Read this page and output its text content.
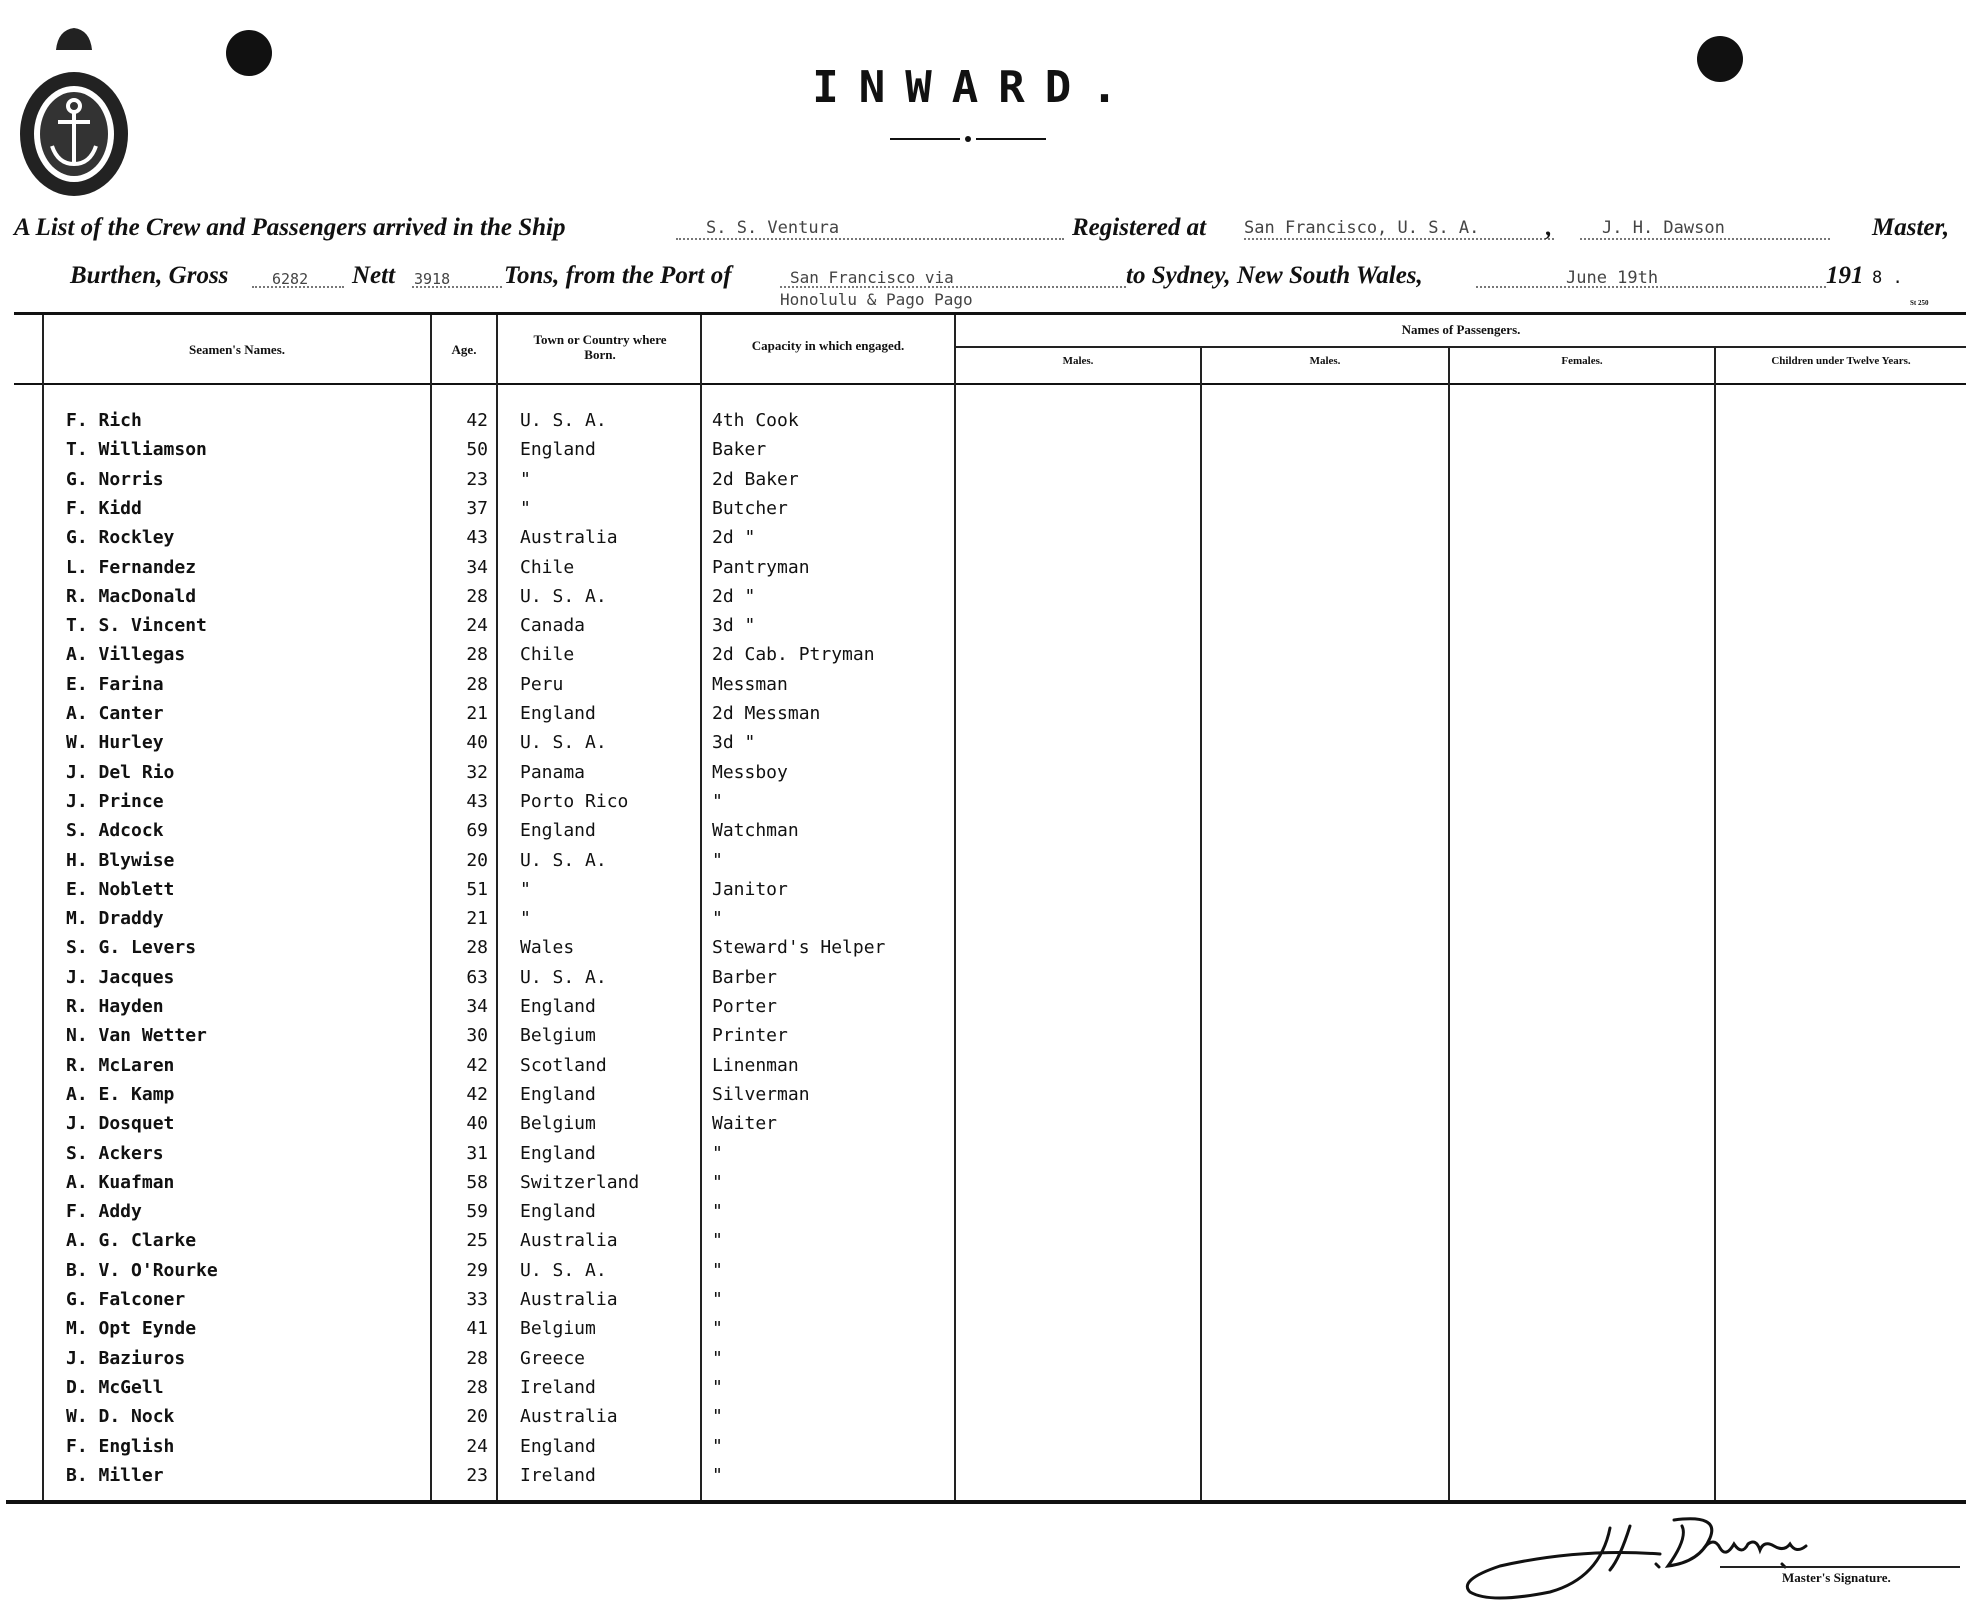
INWARD.
A List of the Crew and Passengers arrived in the Ship	S. S. Ventura	Registered at San Francisco, U. S. A.	,	J. H. Dawson	Master,
Burthen, Gross	6282 Nett 3918 Tons, from the Port of	San Francisco via
Honolulu & Pago Pago
to Sydney, New South Wales,	June 19th	191 8 .
St 250
Seamen's Names.	Age.
Town or Country where Born.
Capacity in which engaged.
Names of Passengers.
Males.	Males.	Females.	Children under Twelve Years.
F. Rich	42 U. S. A.	4th Cook
T. Williamson	50 England	Baker
G. Norris	23 "	2d Baker
F. Kidd	37 "	Butcher
G. Rockley	43 Australia	2d "
L. Fernandez	34 Chile	Pantryman
R. MacDonald	28 U. S. A.	2d "
T. S. Vincent	24 Canada	3d "
A. Villegas	28 Chile	2d Cab. Ptryman
E. Farina	28 Peru	Messman
A. Canter	21 England	2d Messman
W. Hurley	40 U. S. A.	3d "
J. Del Rio	32 Panama	Messboy
J. Prince	43 Porto Rico	"
S. Adcock	69 England	Watchman
H. Blywise	20 U. S. A.	"
E. Noblett	51 "	Janitor
M. Draddy	21 "	"
S. G. Levers	28 Wales	Steward's Helper
J. Jacques	63 U. S. A.	Barber
R. Hayden	34 England	Porter
N. Van Wetter	30 Belgium	Printer
R. McLaren	42 Scotland	Linenman
A. E. Kamp	42 England	Silverman
J. Dosquet	40 Belgium	Waiter
S. Ackers	31 England	"
A. Kuafman	58 Switzerland	"
F. Addy	59 England	"
A. G. Clarke	25 Australia	"
B. V. O'Rourke	29 U. S. A.	"
G. Falconer	33 Australia	"
M. Opt Eynde	41 Belgium	"
J. Baziuros	28 Greece	"
D. McGell	28 Ireland	"
W. D. Nock	20 Australia	"
F. English	24 England	"
B. Miller	23 Ireland	"
Master's Signature.
